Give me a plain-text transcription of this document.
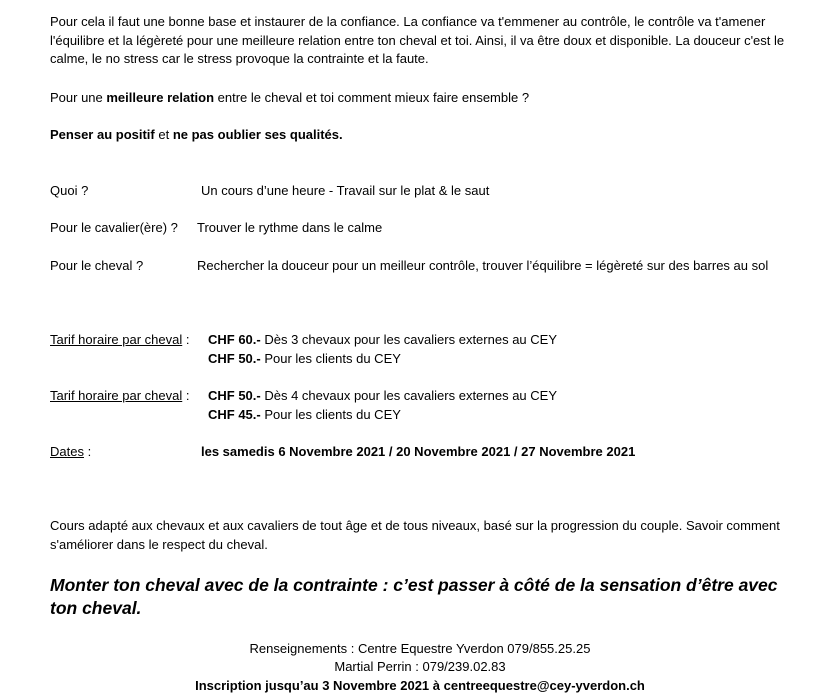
Pour cela il faut une bonne base et instaurer de la confiance. La confiance va t'emmener au contrôle, le contrôle va t'amener l'équilibre et la légèreté pour une meilleure relation entre ton cheval et toi. Ainsi, il va être doux et disponible. La douceur c'est le calme, le no stress car le stress provoque la contrainte et la faute.

Pour une meilleure relation entre le cheval et toi comment mieux faire ensemble ?

Penser au positif et ne pas oublier ses qualités.

Quoi ?	Un cours d’une heure - Travail sur le plat & le saut
Pour le cavalier(ère) ? Trouver le rythme dans le calme
Pour le cheval ?	Rechercher la douceur pour un meilleur contrôle, trouver l’équilibre = légèreté sur des barres au sol
Tarif horaire par cheval : CHF 60.- Dès 3 chevaux pour les cavaliers externes au CEY
CHF 50.- Pour les clients du CEY
Tarif horaire par cheval : CHF 50.- Dès 4 chevaux pour les cavaliers externes au CEY
CHF 45.- Pour les clients du CEY
Dates :	les samedis 6 Novembre 2021 / 20 Novembre 2021 / 27 Novembre 2021

Cours adapté aux chevaux et aux cavaliers de tout âge et de tous niveaux, basé sur la progression du couple. Savoir comment s'améliorer dans le respect du cheval.

Monter ton cheval avec de la contrainte : c’est passer à côté de la sensation d’être avec ton cheval.

Renseignements : Centre Equestre Yverdon 079/855.25.25
Martial Perrin : 079/239.02.83
Inscription jusqu’au 3 Novembre 2021 à centreequestre@cey-yverdon.ch
